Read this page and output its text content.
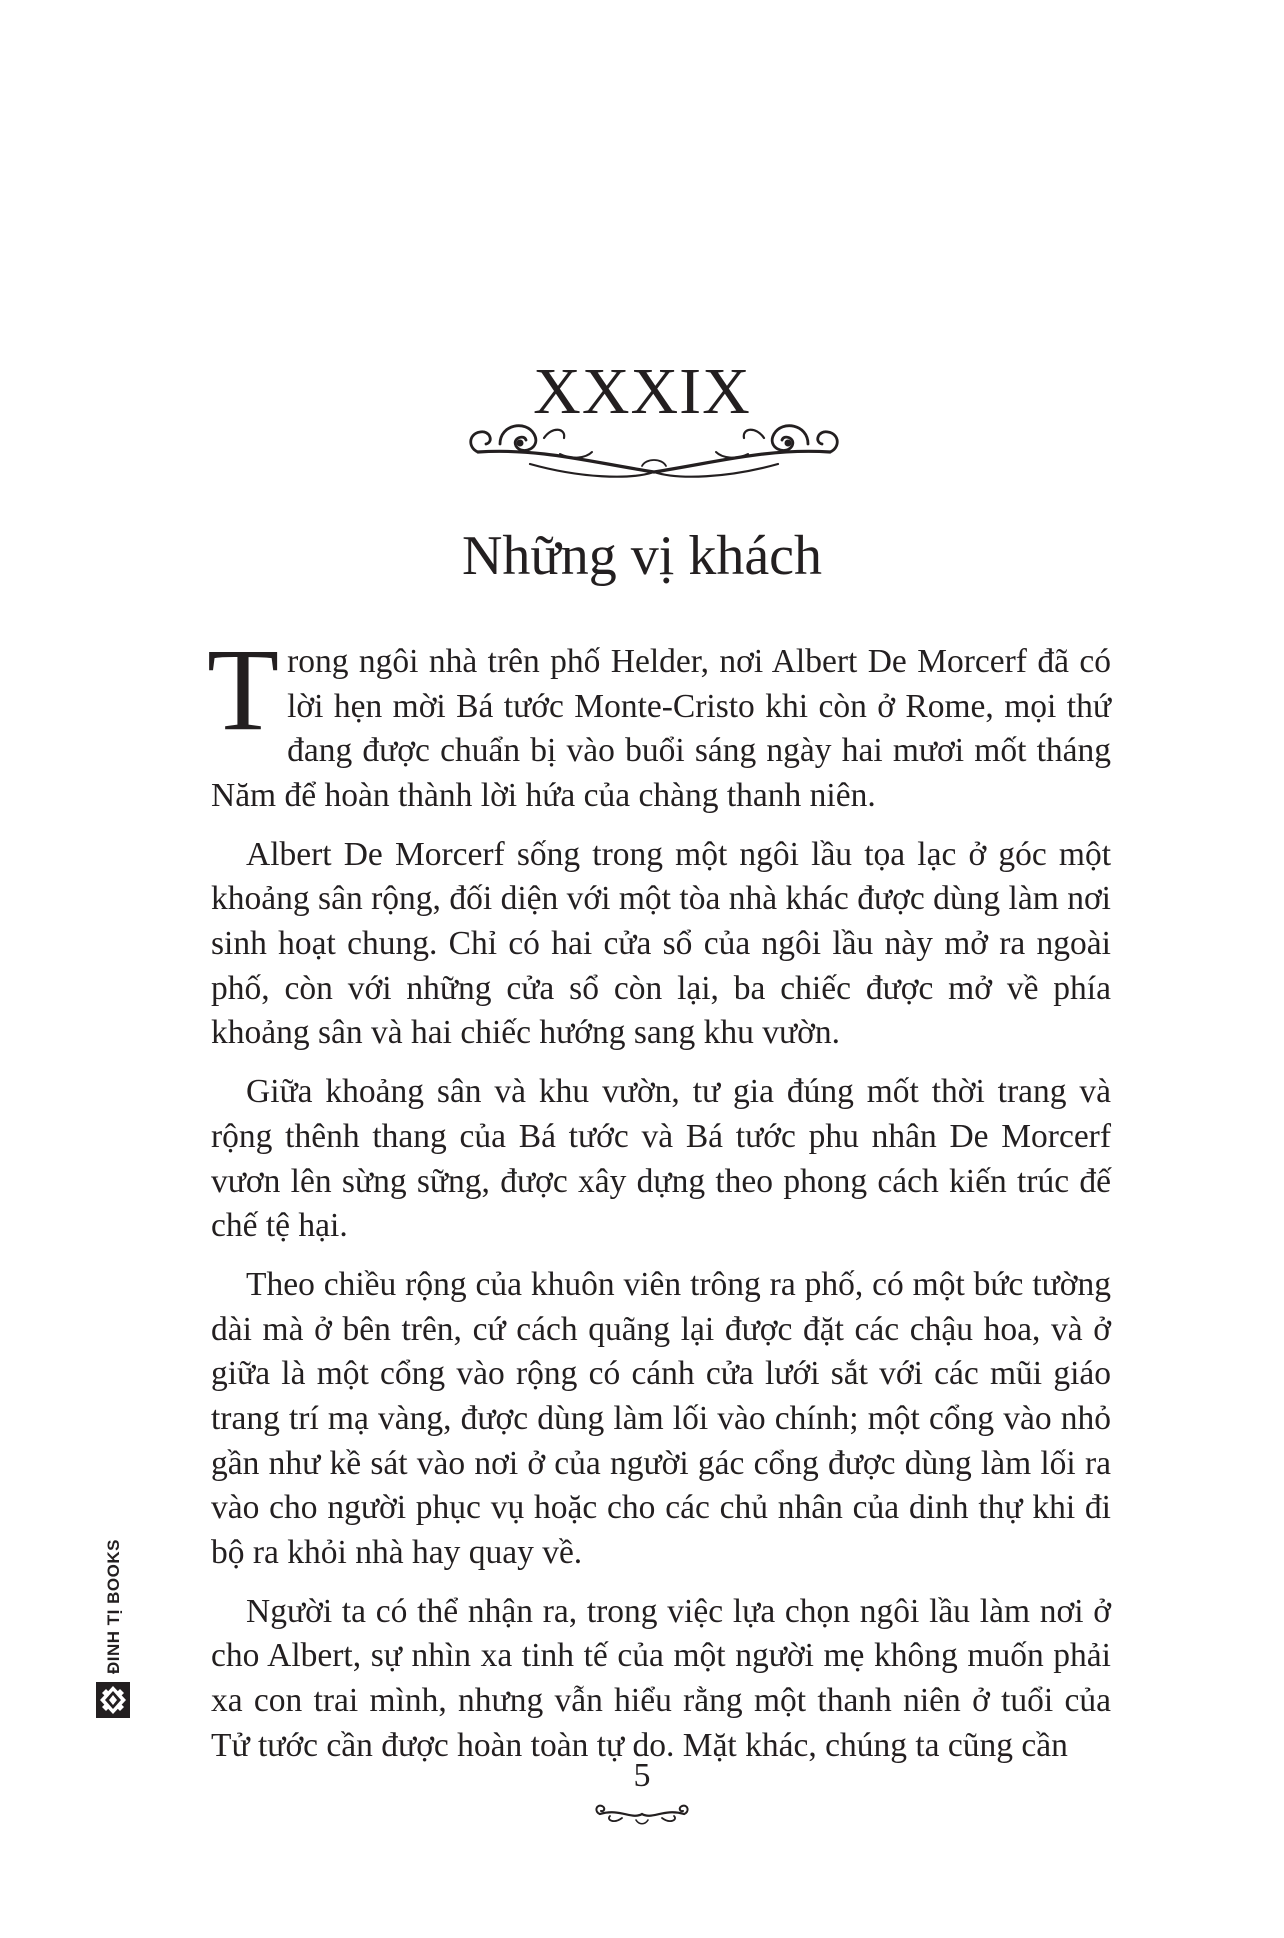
XXXIX
Những vị khách

Trong ngôi nhà trên phố Helder, nơi Albert De Morcerf đã có lời hẹn mời Bá tước Monte-Cristo khi còn ở Rome, mọi thứ đang được chuẩn bị vào buổi sáng ngày hai mươi mốt tháng Năm để hoàn thành lời hứa của chàng thanh niên.

Albert De Morcerf sống trong một ngôi lầu tọa lạc ở góc một khoảng sân rộng, đối diện với một tòa nhà khác được dùng làm nơi sinh hoạt chung. Chỉ có hai cửa sổ của ngôi lầu này mở ra ngoài phố, còn với những cửa sổ còn lại, ba chiếc được mở về phía khoảng sân và hai chiếc hướng sang khu vườn.

Giữa khoảng sân và khu vườn, tư gia đúng mốt thời trang và rộng thênh thang của Bá tước và Bá tước phu nhân De Morcerf vươn lên sừng sững, được xây dựng theo phong cách kiến trúc đế chế tệ hại.

Theo chiều rộng của khuôn viên trông ra phố, có một bức tường dài mà ở bên trên, cứ cách quãng lại được đặt các chậu hoa, và ở giữa là một cổng vào rộng có cánh cửa lưới sắt với các mũi giáo trang trí mạ vàng, được dùng làm lối vào chính; một cổng vào nhỏ gần như kề sát vào nơi ở của người gác cổng được dùng làm lối ra vào cho người phục vụ hoặc cho các chủ nhân của dinh thự khi đi bộ ra khỏi nhà hay quay về.

Người ta có thể nhận ra, trong việc lựa chọn ngôi lầu làm nơi ở cho Albert, sự nhìn xa tinh tế của một người mẹ không muốn phải xa con trai mình, nhưng vẫn hiểu rằng một thanh niên ở tuổi của Tử tước cần được hoàn toàn tự do. Mặt khác, chúng ta cũng cần

ĐINH TỊ BOOKS
5
